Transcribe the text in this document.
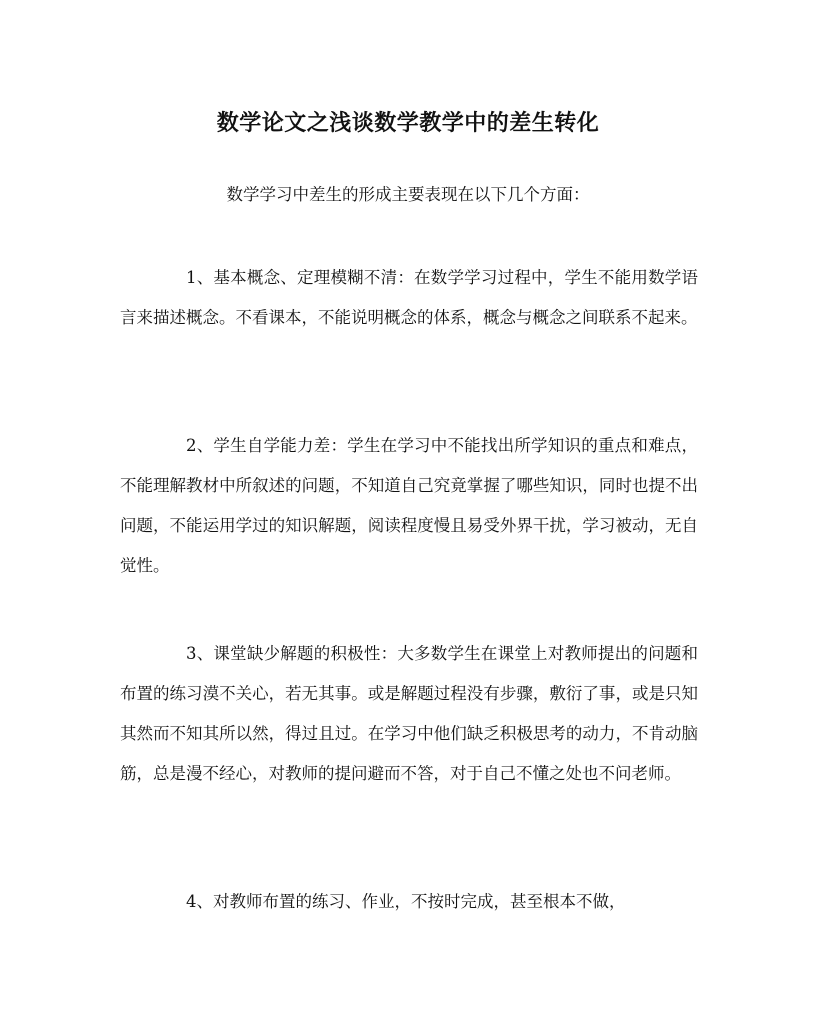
数学论文之浅谈数学教学中的差生转化
数学学习中差生的形成主要表现在以下几个方面：
1、基本概念、定理模糊不清：在数学学习过程中，学生不能用数学语言来描述概念。不看课本，不能说明概念的体系，概念与概念之间联系不起来。
2、学生自学能力差：学生在学习中不能找出所学知识的重点和难点，不能理解教材中所叙述的问题，不知道自己究竟掌握了哪些知识，同时也提不出问题，不能运用学过的知识解题，阅读程度慢且易受外界干扰，学习被动，无自觉性。
3、课堂缺少解题的积极性：大多数学生在课堂上对教师提出的问题和布置的练习漠不关心，若无其事。或是解题过程没有步骤，敷衍了事，或是只知其然而不知其所以然，得过且过。在学习中他们缺乏积极思考的动力，不肯动脑筋，总是漫不经心，对教师的提问避而不答，对于自己不懂之处也不问老师。
4、对教师布置的练习、作业，不按时完成，甚至根本不做，
